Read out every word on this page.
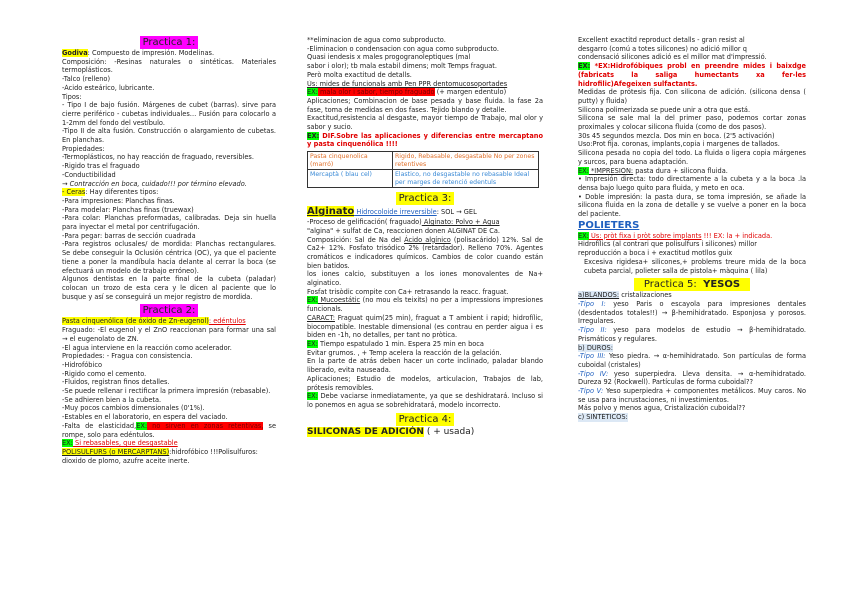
Practica 1:
Godiva: Compuesto de impresión. Modelinas.
Composición: -Resinas naturales o sintéticas. Materiales termoplásticos.
-Talco (relleno)
-Ácido esteárico, lubricante.
Tipos:
- Tipo I de bajo fusión. Márgenes de cubet (barras). sirve para cierre periférico - cubetas individuales… Fusión para colocarlo a 1-2mm del fondo del vestíbulo.
-Tipo II de alta fusión. Construcción o alargamiento de cubetas. En planchas.
Propiedades:
-Termoplásticos, no hay reacción de fraguado, reversibles.
-Rigido tras el fraguado
-Conductibilidad
→ Contracción en boca, cuidado!!! por término elevado.
- Ceras: Hay diferentes tipos:
-Para impresiones: Planchas finas.
-Para modelar: Planchas finas (truewax)
-Para colar: Planchas preformadas, calibradas. Deja sin huella para inyectar el metal por centrifugación.
-Para pegar: barras de sección cuadrada
-Para registros oclusales/ de mordida: Planchas rectangulares. Se debe conseguir la Oclusión céntrica (OC), ya que el paciente tiene a poner la mandíbula hacia delante al cerrar la boca (se efectuará un modelo de trabajo erróneo).
Algunos dentistas en la parte final de la cubeta (paladar) colocan un trozo de esta cera y le dicen al paciente que lo busque y así se conseguirá un mejor registro de mordida.
Practica 2:
Pasta cinquenólica (de óxido de Zn-eugenol): edéntulos
Fraguado: -El eugenol y el ZnO reaccionan para formar una sal → el eugenolato de ZN.
-El agua interviene en la reacción como acelerador.
Propiedades: - Fragua con consistencia.
-Hidrofóbico
-Rigido como el cemento.
-Fluidos, registran finos detalles.
-Se puede rellenar i rectificar la primera impresión (rebasable).
-Se adhieren bien a la cubeta.
-Muy pocos cambios dimensionales (0'1%).
-Estables en el laboratorio, en espera del vaciado.
-Falta de elasticidad,EX: no sirven en zonas retentivas, se rompe, solo para edéntulos.
EX: Si rebasables, que desgastable
POLISULFURS (o MERCARPTANS):hidrofóbico !!!Polisulfuros:
dioxido de plomo, azufre aceite inerte.
**eliminacion de agua como subproducto.
-Eliminacion o condensacion con agua como subproducto.
Quasi iendesis x males progogranoleptiques (mal
sabor i olor); tb mala estabil dimens; molt Temps fraguat.
Però molta exactitud de detalls.
Ús: mides de funcionals amb Pen PPR dentomucosoportades
EX: mala olor i sabor, tiempo fraguado (+ margen edentulo)
Aplicaciones; Combinacion de base pesada y base fluida. la fase 2a fase, toma de medidas en dos fases. Tejido blando y detalle.
Exactitud,resistencia al desgaste, mayor tiempo de Trabajo, mal olor y sabor y sucio.
EX: DIF.Sobre las aplicaciones y diferencias entre mercaptano y pasta cinquenólica !!!!
Pasta cinquenolica (marró)	Rigido, Rebasable, desgastable No per zones retentives
Mercaptà ( blau cel)	Elastico, no desgastable no rebasable Ideal per marges de retenció edentuls
Practica 3:
Alginato Hidrocoloide irreversible: SOL → GEL
-Proceso de gelificación( fraguado) Alginato: Polvo + Agua
"algina" + sulfat de Ca, reaccionen donen ALGINAT DE Ca.
Composición: Sal de Na del Ácido algínico (polisacárido) 12%. Sal de Ca2+ 12%. Fosfato trisódico 2% (retardador). Relleno 70%. Agentes cromáticos e indicadores químicos. Cambios de color cuando están bien batidos.
los iones calcio, substituyen a los iones monovalentes de Na+ alginatico.
Fosfat trisòdic compite con Ca+ retrasando la reacc. fraguat.
EX: Mucoestátic (no mou els teixits) no per a impressions impresiones funcionals.
CARACT: Fraguat quim(25 min), fraguat a T ambient i rapid; hidrofílic, biocompatible. Inestable dimensional (es contrau en perder aigua i es biden en -1h, no detalles, per tant no pròtica.
EX: Tiempo espatulado 1 min. Espera 25 min en boca
Evitar grumos. , + Temp acelera la reacción de la gelación.
En la parte de atrás deben hacer un corte inclinado, paladar blando liberado, evita nauseada.
Aplicaciones; Estudio de modelos, articulacion, Trabajos de lab, prótesis removibles.
EX: Debe vaciarse inmediatamente, ya que se deshidratará. Incluso si lo ponemos en agua se sobrehidratará, modelo incorrecto.
Practica 4:
SILICONAS DE ADICIÓN ( + usada)
Excellent exactitd reproduct detalls - gran resist al
desgarro (comú a totes silicones) no adició millor q
condensació silicones adició es el millor mat d'impressió.
EX: *EX:Hidrofóbiques probl en preendre mides i baixdge (fabricats la saliga humectants xa fer-les hidrofilic)Afegeixen sulfactants.
Medidas de prótesis fija. Con silicona de adición. (silicona densa ( putty) y fluida)
Silicona polimerizada se puede unir a otra que está.
Silicona se sale mal la del primer paso, podemos cortar zonas proximales y colocar silicona fluida (como de dos pasos).
30s 45 segundos mezcla. Dos min en boca. (2'5 activación)
Uso:Prot fija. coronas, implants,copia i margenes de tallados.
Silicona pesada no copia del todo. La fluida o ligera copia márgenes y surcos, para buena adaptación.
EX: *IMPRESIÓN: pasta dura + silicona fluida.
• Impresión directa: todo directamente a la cubeta y a la boca .la densa bajo luego quito para fluida, y meto en oca.
• Doble impresión: la pasta dura, se toma impresión, se añade la silicona fluida en la zona de detalle y se vuelve a poner en la boca del paciente.
POLIETERS
EX: Ús: pròt fixa i pròt sobre implants !!! EX: la + indicada.
Hidrofílics (al contrari que polisulfurs i silicones) millor
reproducción a boca i + exactitud motllos guix
Excesiva rigidesa+ silicones,+ problems treure mida de la boca cubeta parcial, polieter salla de pistola+ màquina ( lila)
Practica 5: YESOS
a)BLANDOS: cristalizaciones
-Tipo I: yeso Paris o escayola para impresiones dentales (desdentados totales!!) → β-hemihidratado. Esponjosa y porosos. Irregulares.
-Tipo II: yeso para modelos de estudio → β-hemihidratado. Prismáticos y regulares.
b) DUROS:
-Tipo III: Yeso piedra. → α-hemihidratado. Son partículas de forma cuboidal (cristales)
-Tipo IV: yeso superpiedra. Lleva densita. → α-hemihidratado. Dureza 92 (Rockwell). Partículas de forma cuboidal??
-Tipo V: Yeso superpiedra + componentes metálicos. Muy caros. No se usa para incrustaciones, ni investimientos.
Más polvo y menos agua, Cristalización cuboidal??
c) SINTÉTICOS:
